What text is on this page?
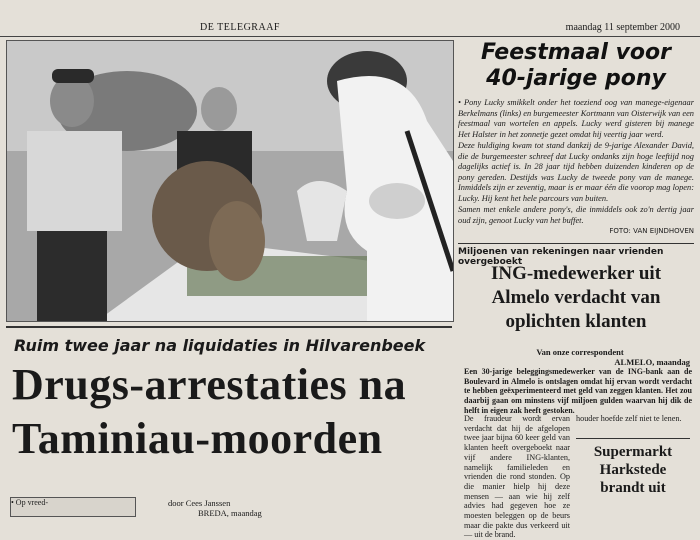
DE TELEGRAAF	maandag 11 september 2000
Feestmaal voor
40-jarige pony

• Pony Lucky smikkelt onder het toeziend oog van manege-eigenaar Berkelmans (links) en burgemeester Kortmann van Oisterwijk van een feestmaal van wortelen en appels. Lucky werd gisteren bij manege Het Halster in het zonnetje gezet omdat hij veertig jaar werd.

Deze huldiging kwam tot stand dankzij de 9-jarige Alexander David, die de burgemeester schreef dat Lucky ondanks zijn hoge leeftijd nog dagelijks actief is. In 28 jaar tijd hebben duizenden kinderen op de pony gereden. Destijds was Lucky de tweede pony van de manege. Inmiddels zijn er zeventig, maar is er maar één die voorop mag lopen: Lucky. Hij kent het hele parcours van buiten.

Samen met enkele andere pony's, die inmiddels ook zo'n dertig jaar oud zijn, genoot Lucky van het buffet.

FOTO: VAN EIJNDHOVEN
Miljoenen van rekeningen naar vrienden overgeboekt
ING-medewerker uit
Almelo verdacht van
oplichten klanten
Van onze correspondent
ALMELO, maandag

Een 30-jarige beleggingsmedewerker van de ING-bank aan de Boulevard in Almelo is ontslagen omdat hij ervan wordt verdacht te hebben geëxperimenteerd met geld van zeggen klanten. Het zou daarbij gaan om minstens vijf miljoen gulden waarvan hij dik de helft in eigen zak heeft gestoken.

De fraudeur wordt ervan verdacht dat hij de afgelopen twee jaar bijna 60 keer geld van klanten heeft overgeboekt naar vijf andere ING-klanten, namelijk familieleden en vrienden die rond stonden. Op die manier hielp hij deze mensen — aan wie hij zelf advies had gegeven hoe ze moesten beleggen op de beurs maar die pakte dus verkeerd uit — uit de brand.
houder hoefde zelf niet te lenen.
Supermarkt
Harkstede
brandt uit
Ruim twee jaar na liquidaties in Hilvarenbeek
Drugs-arrestaties na
Taminiau-moorden
• Op vreed-	door Cees Janssen
BREDA, maandag
